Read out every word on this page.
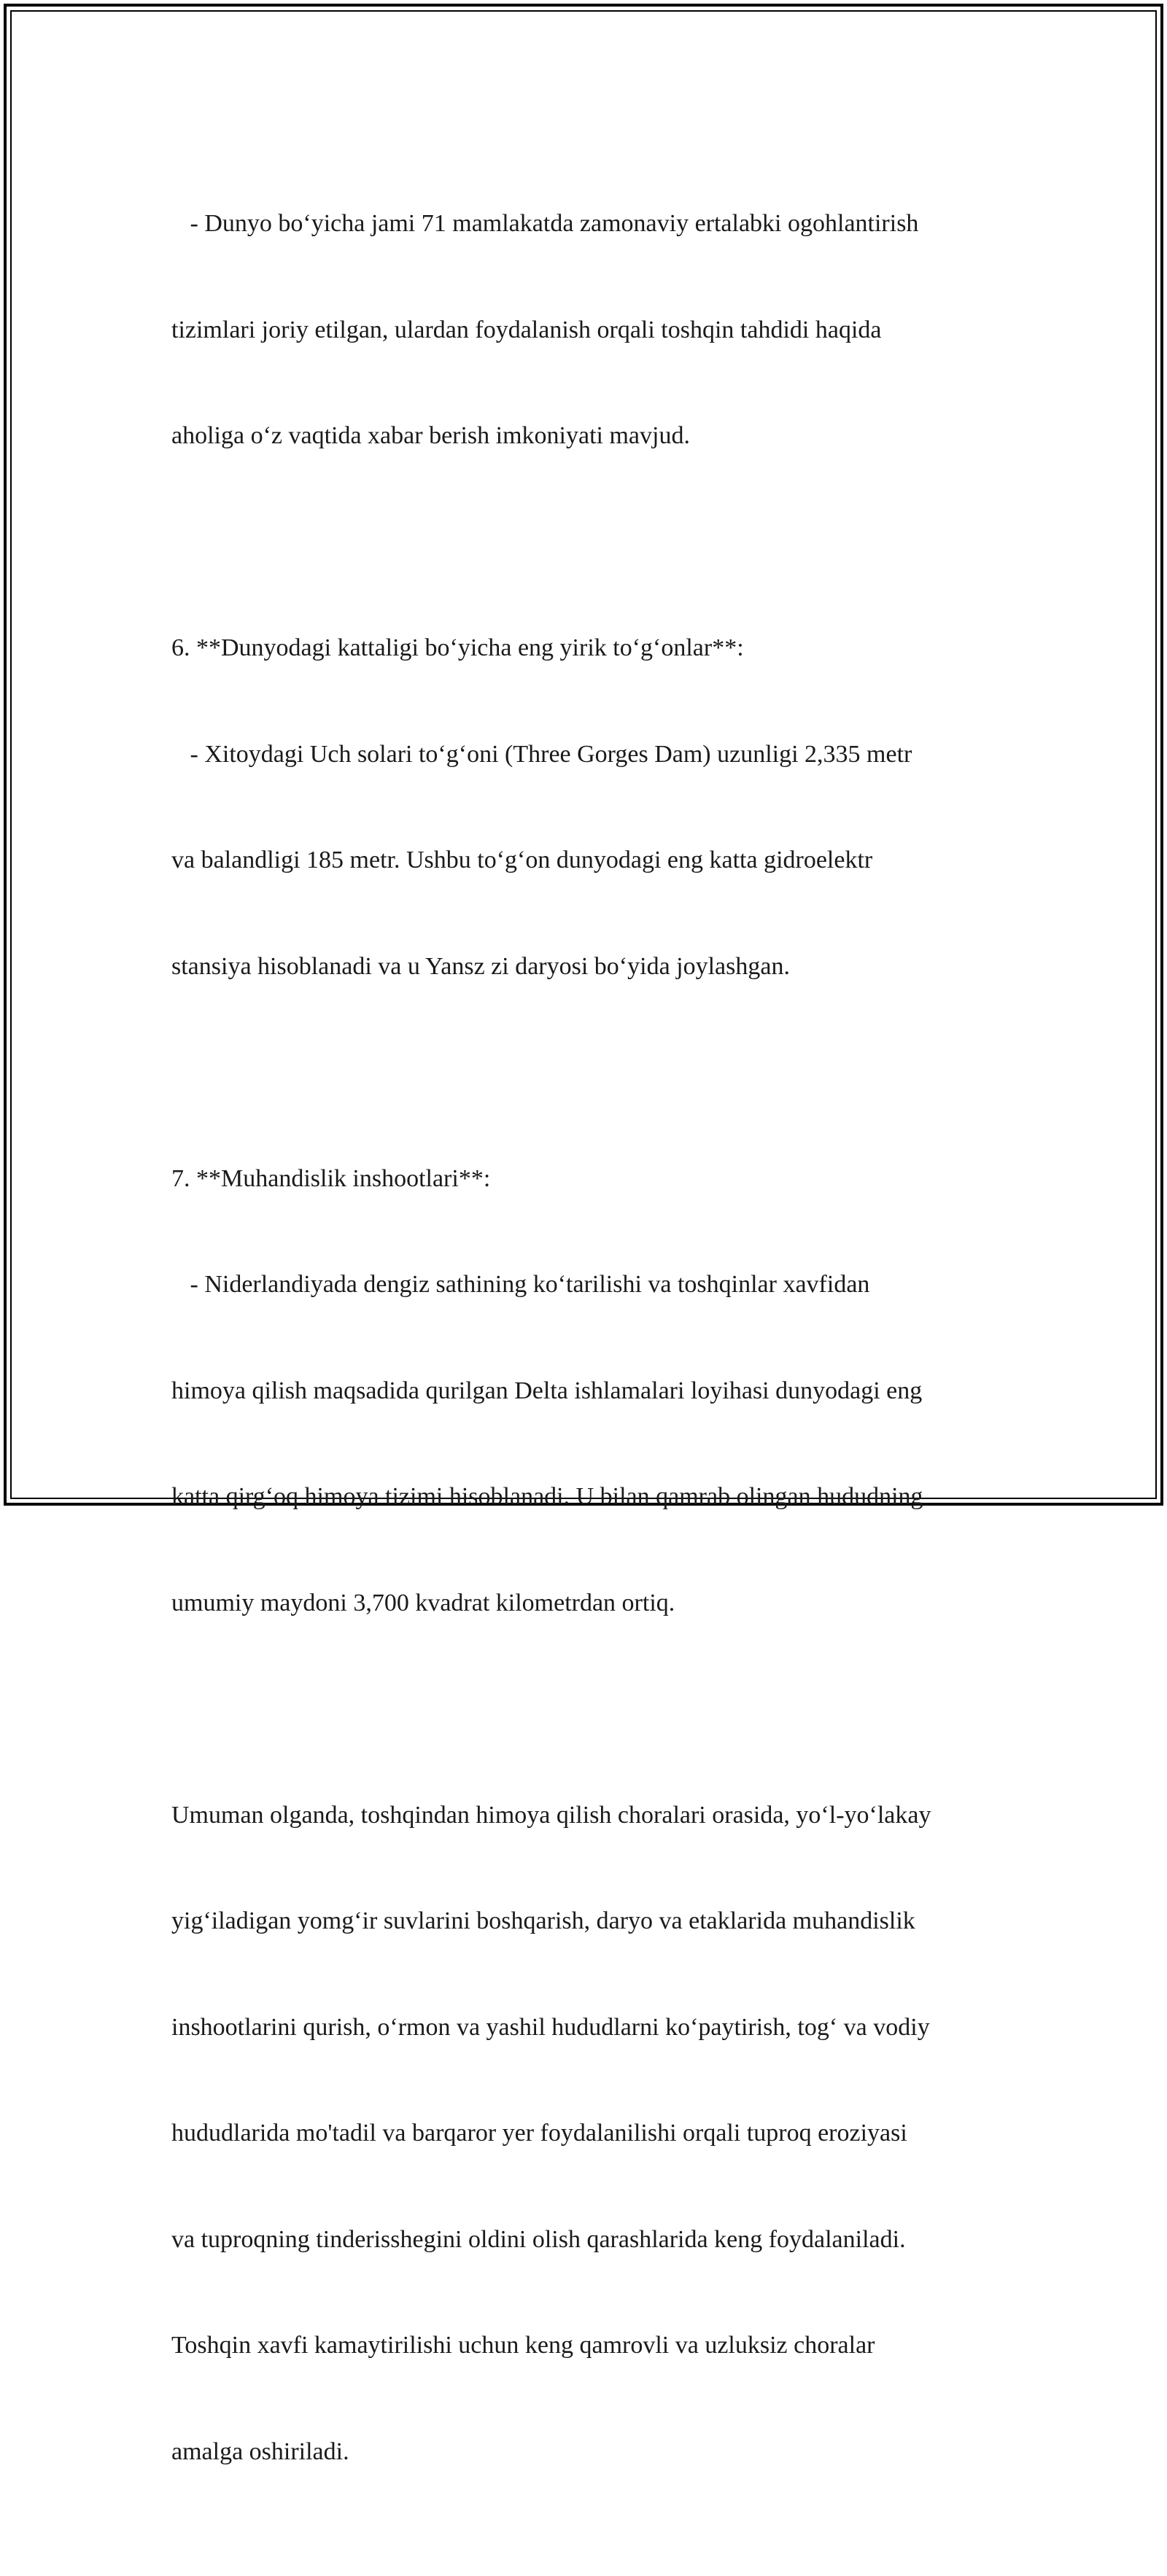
- Dunyo bo‘yicha jami 71 mamlakatda zamonaviy ertalabki ogohlantirish

tizimlari joriy etilgan, ulardan foydalanish orqali toshqin tahdidi haqida

aholiga o‘z vaqtida xabar berish imkoniyati mavjud.

6. **Dunyodagi kattaligi bo‘yicha eng yirik to‘g‘onlar**:

- Xitoydagi Uch solari to‘g‘oni (Three Gorges Dam) uzunligi 2,335 metr

va balandligi 185 metr. Ushbu to‘g‘on dunyodagi eng katta gidroelektr

stansiya hisoblanadi va u Yansz zi daryosi bo‘yida joylashgan.

7. **Muhandislik inshootlari**:

- Niderlandiyada dengiz sathining ko‘tarilishi va toshqinlar xavfidan

himoya qilish maqsadida qurilgan Delta ishlamalari loyihasi dunyodagi eng

katta qirg‘oq himoya tizimi hisoblanadi. U bilan qamrab olingan hududning

umumiy maydoni 3,700 kvadrat kilometrdan ortiq.

Umuman olganda, toshqindan himoya qilish choralari orasida, yo‘l-yo‘lakay

yig‘iladigan yomg‘ir suvlarini boshqarish, daryo va etaklarida muhandislik

inshootlarini qurish, o‘rmon va yashil hududlarni ko‘paytirish, tog‘ va vodiy

hududlarida mo'tadil va barqaror yer foydalanilishi orqali tuproq eroziyasi

va tuproqning tinderisshegini oldini olish qarashlarida keng foydalaniladi.

Toshqin xavfi kamaytirilishi uchun keng qamrovli va uzluksiz choralar

amalga oshiriladi.
